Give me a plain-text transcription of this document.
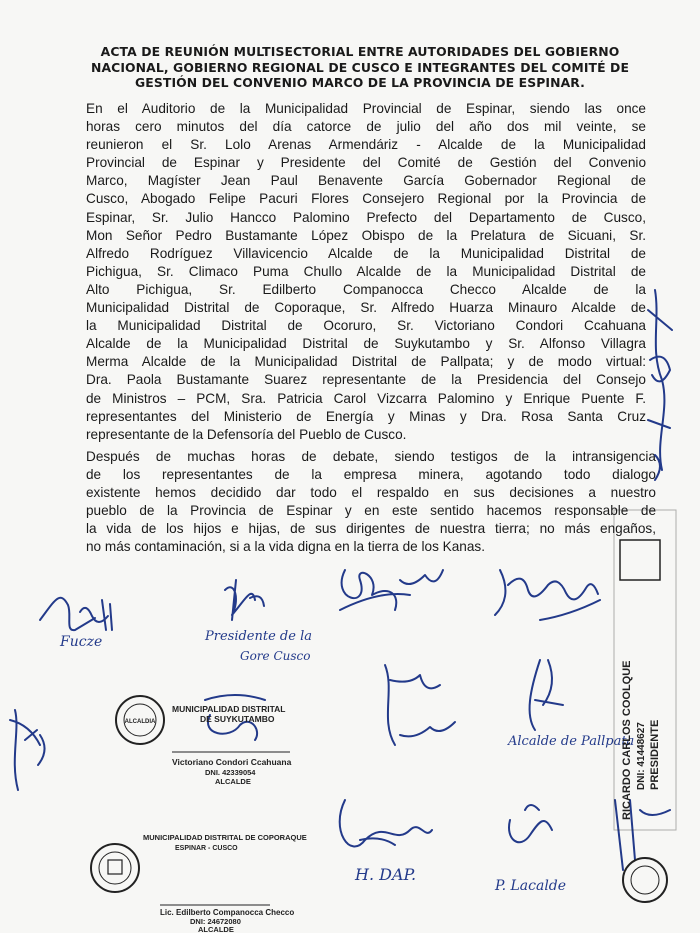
ACTA DE REUNIÓN MULTISECTORIAL ENTRE AUTORIDADES DEL GOBIERNO
NACIONAL, GOBIERNO REGIONAL DE CUSCO E INTEGRANTES DEL COMITÉ DE
GESTIÓN DEL CONVENIO MARCO DE LA PROVINCIA DE ESPINAR.
En el Auditorio de la Municipalidad Provincial de Espinar, siendo las once
horas cero minutos del día catorce de julio del año dos mil veinte, se
reunieron el Sr. Lolo Arenas Armendáriz - Alcalde de la Municipalidad
Provincial de Espinar y Presidente del Comité de Gestión del Convenio
Marco, Magíster Jean Paul Benavente García Gobernador Regional de
Cusco, Abogado Felipe Pacuri Flores Consejero Regional por la Provincia de
Espinar, Sr. Julio Hancco Palomino Prefecto del Departamento de Cusco,
Mon Señor Pedro Bustamante López Obispo de la Prelatura de Sicuani, Sr.
Alfredo Rodríguez Villavicencio Alcalde de la Municipalidad Distrital de
Pichigua, Sr. Climaco Puma Chullo Alcalde de la Municipalidad Distrital de
Alto Pichigua, Sr. Edilberto Companocca Checco Alcalde de la
Municipalidad Distrital de Coporaque, Sr. Alfredo Huarza Minauro Alcalde de
la Municipalidad Distrital de Ocoruro, Sr. Victoriano Condori Ccahuana
Alcalde de la Municipalidad Distrital de Suykutambo y Sr. Alfonso Villagra
Merma Alcalde de la Municipalidad Distrital de Pallpata; y de modo virtual:
Dra. Paola Bustamante Suarez representante de la Presidencia del Consejo
de Ministros – PCM, Sra. Patricia Carol Vizcarra Palomino y Enrique Puente F.
representantes del Ministerio de Energía y Minas y Dra. Rosa Santa Cruz
representante de la Defensoría del Pueblo de Cusco.
Después de muchas horas de debate, siendo testigos de la intransigencia
de los representantes de la empresa minera, agotando todo dialogo
existente hemos decidido dar todo el respaldo en sus decisiones a nuestro
pueblo de la Provincia de Espinar y en este sentido hacemos responsable de
la vida de los hijos e hijas, de sus dirigentes de nuestra tierra; no más engaños,
no más contaminación, si a la vida digna en la tierra de los Kanas.
Fucze	Presidente de la
Gore Cusco
Alcalde de Pallpata
H. DAP.
P. Lacalde
ALCALDIA
MUNICIPALIDAD DISTRITAL
DE SUYKUTAMBO
Victoriano Condori Ccahuana
DNI. 42339054
ALCALDE
MUNICIPALIDAD DISTRITAL DE COPORAQUE
ESPINAR - CUSCO
Lic. Edilberto Companocca Checco
DNI: 24672080
ALCALDE
RICARDO CARLOS COOLQUE DNI: 41448627 PRESIDENTE
